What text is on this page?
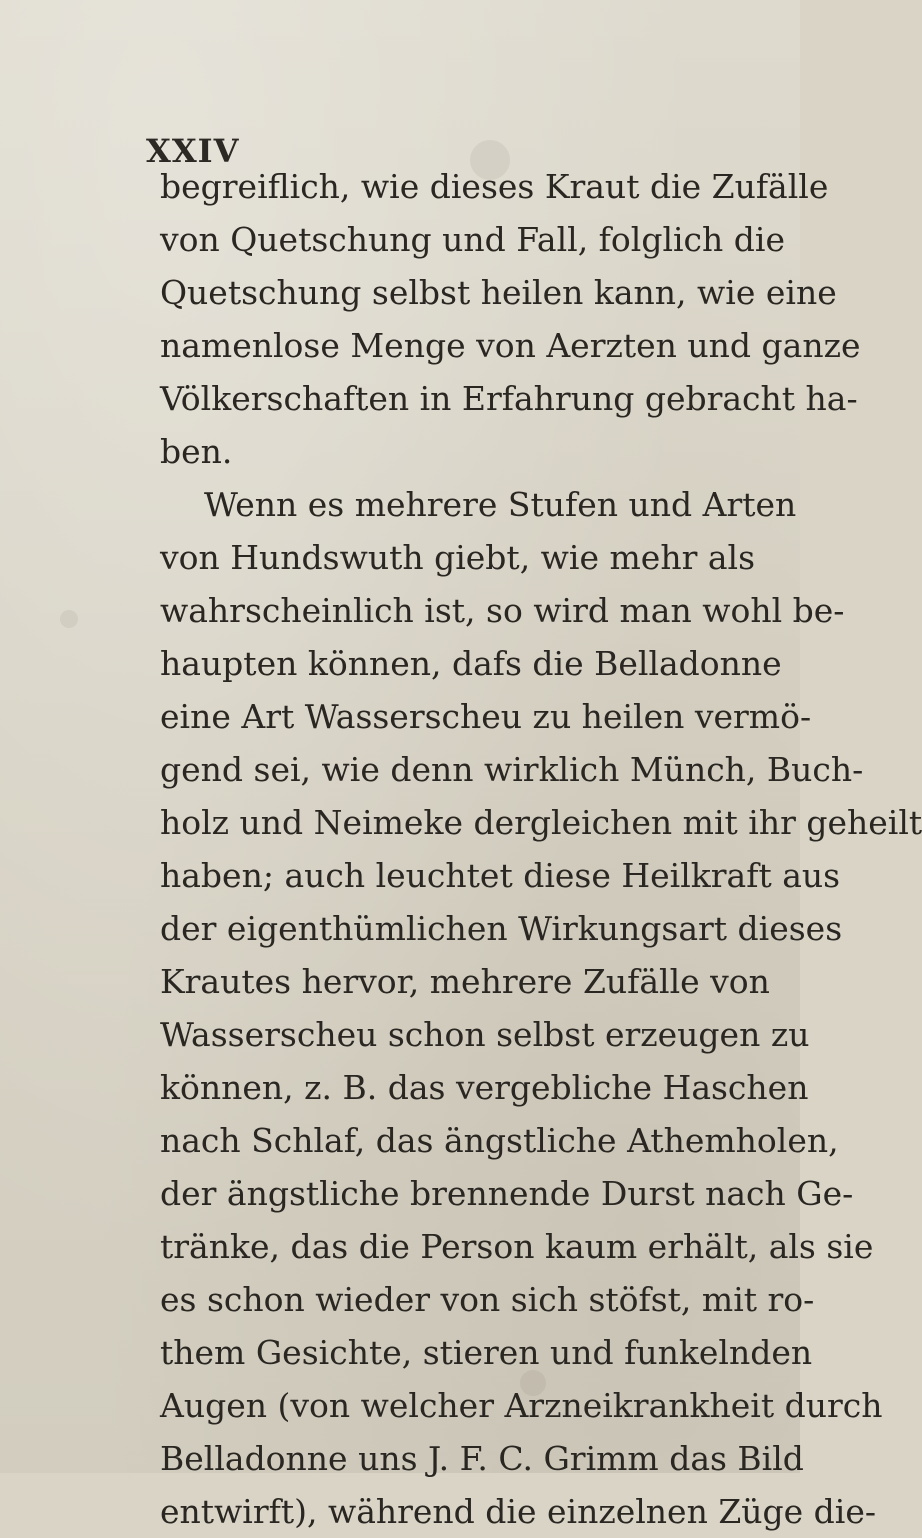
XXIV
begreiflich, wie dieses Kraut die Zufälle
von Quetschung und Fall, folglich die
Quetschung selbst heilen kann, wie eine
namenlose Menge von Aerzten und ganze
Völkerschaften in Erfahrung gebracht ha-
ben.
Wenn es mehrere Stufen und Arten
von Hundswuth giebt, wie mehr als
wahrscheinlich ist, so wird man wohl be-
haupten können, dafs die Belladonne
eine Art Wasserscheu zu heilen vermö-
gend sei, wie denn wirklich Münch, Buch-
holz und Neimeke dergleichen mit ihr geheilt
haben; auch leuchtet diese Heilkraft aus
der eigenthümlichen Wirkungsart dieses
Krautes hervor, mehrere Zufälle von
Wasserscheu schon selbst erzeugen zu
können, z. B. das vergebliche Haschen
nach Schlaf, das ängstliche Athemholen,
der ängstliche brennende Durst nach Ge-
tränke, das die Person kaum erhält, als sie
es schon wieder von sich stöfst, mit ro-
them Gesichte, stieren und funkelnden
Augen (von welcher Arzneikrankheit durch
Belladonne uns J. F. C. Grimm das Bild
entwirft), während die einzelnen Züge die-
